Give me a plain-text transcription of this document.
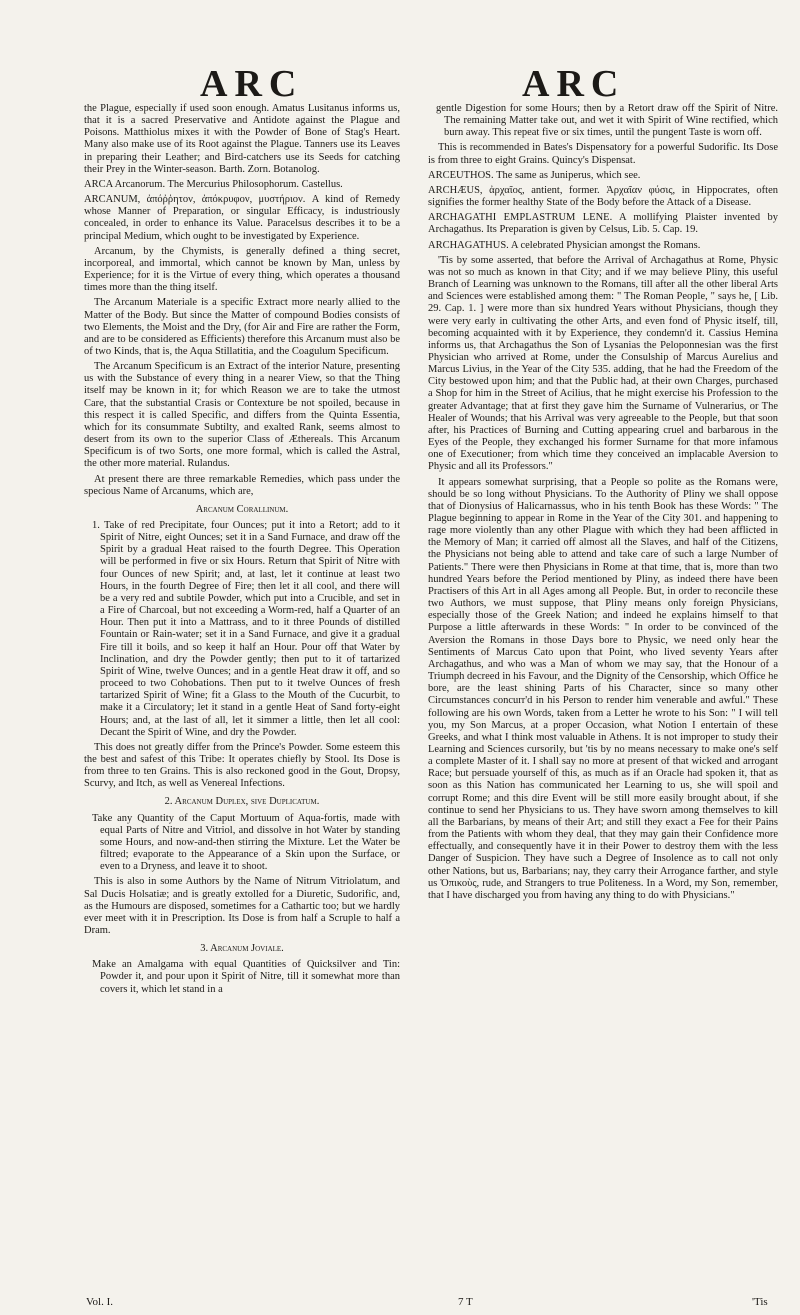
ARC	ARC

the Plague, especially if used soon enough. Amatus Lusitanus informs us, that it is a sacred Preservative and Antidote against the Plague and Poisons. Matthiolus mixes it with the Powder of Bone of Stag's Heart. Many also make use of its Root against the Plague. Tanners use its Leaves in preparing their Leather; and Bird-catchers use its Seeds for catching their Prey in the Winter-season. Barth. Zorn. Botanolog.

ARCA Arcanorum. The Mercurius Philosophorum. Castellus.

ARCANUM, ἀπόῤῥητον, ἀπόκρυφον, μυστήριον. A kind of Remedy whose Manner of Preparation, or singular Efficacy, is industriously concealed, in order to enhance its Value. Paracelsus describes it to be a principal Medium, which ought to be investigated by Experience.

Arcanum, by the Chymists, is generally defined a thing secret, incorporeal, and immortal, which cannot be known by Man, unless by Experience; for it is the Virtue of every thing, which operates a thousand times more than the thing itself.

The Arcanum Materiale is a specific Extract more nearly allied to the Matter of the Body. But since the Matter of compound Bodies consists of two Elements, the Moist and the Dry, (for Air and Fire are rather the Form, and are to be considered as Efficients) therefore this Arcanum must also be of two Kinds, that is, the Aqua Stillatitia, and the Coagulum Specificum.

The Arcanum Specificum is an Extract of the interior Nature, presenting us with the Substance of every thing in a nearer View, so that the Thing itself may be known in it; for which Reason we are to take the utmost Care, that the substantial Crasis or Contexture be not spoiled, because in this respect it is called Specific, and differs from the Quinta Essentia, which for its consummate Subtilty, and exalted Rank, seems almost to desert from its own to the superior Class of Æthereals. This Arcanum Specificum is of two Sorts, one more formal, which is called the Astral, the other more material. Rulandus.

At present there are three remarkable Remedies, which pass under the specious Name of Arcanums, which are,

Arcanum Corallinum.

1. Take of red Precipitate, four Ounces; put it into a Retort; add to it Spirit of Nitre, eight Ounces; set it in a Sand Furnace, and draw off the Spirit by a gradual Heat raised to the fourth Degree. This Operation will be performed in five or six Hours. Return that Spirit of Nitre with four Ounces of new Spirit; and, at last, let it continue at least two Hours, in the fourth Degree of Fire; then let it all cool, and there will be a very red and subtile Powder, which put into a Crucible, and set in a Fire of Charcoal, but not exceeding a Worm-red, half a Quarter of an Hour. Then put it into a Mattrass, and to it three Pounds of distilled Fountain or Rain-water; set it in a Sand Furnace, and give it a gradual Fire till it boils, and so keep it half an Hour. Pour off that Water by Inclination, and dry the Powder gently; then put to it of tartarized Spirit of Wine, twelve Ounces; and in a gentle Heat draw it off, and so proceed to two Cohobations. Then put to it twelve Ounces of fresh tartarized Spirit of Wine; fit a Glass to the Mouth of the Cucurbit, to make it a Circulatory; let it stand in a gentle Heat of Sand forty-eight Hours; and, at the last of all, let it simmer a little, then let all cool: Decant the Spirit of Wine, and dry the Powder.

This does not greatly differ from the Prince's Powder. Some esteem this the best and safest of this Tribe: It operates chiefly by Stool. Its Dose is from three to ten Grains. This is also reckoned good in the Gout, Dropsy, Scurvy, and Itch, as well as Venereal Infections.

2. Arcanum Duplex, sive Duplicatum.

Take any Quantity of the Caput Mortuum of Aqua-fortis, made with equal Parts of Nitre and Vitriol, and dissolve in hot Water by standing some Hours, and now-and-then stirring the Mixture. Let the Water be filtred; evaporate to the Appearance of a Skin upon the Surface, or even to a Dryness, and leave it to shoot.

This is also in some Authors by the Name of Nitrum Vitriolatum, and Sal Ducis Holsatiæ; and is greatly extolled for a Diuretic, Sudorific, and, as the Humours are disposed, sometimes for a Cathartic too; but we hardly ever meet with it in Prescription. Its Dose is from half a Scruple to half a Dram.

3. Arcanum Joviale.

Make an Amalgama with equal Quantities of Quicksilver and Tin: Powder it, and pour upon it Spirit of Nitre, till it somewhat more than covers it, which let stand in a

gentle Digestion for some Hours; then by a Retort draw off the Spirit of Nitre. The remaining Matter take out, and wet it with Spirit of Wine rectified, which burn away. This repeat five or six times, until the pungent Taste is worn off.

This is recommended in Bates's Dispensatory for a powerful Sudorific. Its Dose is from three to eight Grains. Quincy's Dispensat.

ARCEUTHOS. The same as Juniperus, which see.

ARCHÆUS, ἀρχαῖος, antient, former. Ἀρχαῖαν φύσις, in Hippocrates, often signifies the former healthy State of the Body before the Attack of a Disease.

ARCHAGATHI EMPLASTRUM LENE. A mollifying Plaister invented by Archagathus. Its Preparation is given by Celsus, Lib. 5. Cap. 19.

ARCHAGATHUS. A celebrated Physician amongst the Romans.

'Tis by some asserted, that before the Arrival of Archagathus at Rome, Physic was not so much as known in that City; and if we may believe Pliny, this useful Branch of Learning was unknown to the Romans, till after all the other liberal Arts and Sciences were established among them: " The Roman People, " says he, [ Lib. 29. Cap. 1. ] were more than six hundred Years without Physicians, though they were very early in cultivating the other Arts, and even fond of Physic itself, till, becoming acquainted with it by Experience, they condemn'd it. Cassius Hemina informs us, that Archagathus the Son of Lysanias the Peloponnesian was the first Physician who arrived at Rome, under the Consulship of Marcus Aurelius and Marcus Livius, in the Year of the City 535. adding, that he had the Freedom of the City bestowed upon him; and that the Public had, at their own Charges, purchased a Shop for him in the Street of Acilius, that he might exercise his Profession to the greater Advantage; that at first they gave him the Surname of Vulnerarius, or The Healer of Wounds; that his Arrival was very agreeable to the People, but that soon after, his Practices of Burning and Cutting appearing cruel and barbarous in the Eyes of the People, they exchanged his former Surname for that more infamous one of Executioner; from which time they conceived an implacable Aversion to Physic and all its Professors."

It appears somewhat surprising, that a People so polite as the Romans were, should be so long without Physicians. To the Authority of Pliny we shall oppose that of Dionysius of Halicarnassus, who in his tenth Book has these Words: " The Plague beginning to appear in Rome in the Year of the City 301. and happening to rage more violently than any other Plague with which they had been afflicted in the Memory of Man; it carried off almost all the Slaves, and half of the Citizens, the Physicians not being able to attend and take care of such a large Number of Patients." There were then Physicians in Rome at that time, that is, more than two hundred Years before the Period mentioned by Pliny, as indeed there have been Practisers of this Art in all Ages among all People. But, in order to reconcile these two Authors, we must suppose, that Pliny means only foreign Physicians, especially those of the Greek Nation; and indeed he explains himself to that Purpose a little afterwards in these Words: " In order to be convinced of the Aversion the Romans in those Days bore to Physic, we need only hear the Sentiments of Marcus Cato upon that Point, who lived seventy Years after Archagathus, and who was a Man of whom we may say, that the Honour of a Triumph decreed in his Favour, and the Dignity of the Censorship, which Office he bore, are the least shining Parts of his Character, since so many other Circumstances concurr'd in his Person to render him venerable and awful." These following are his own Words, taken from a Letter he wrote to his Son: " I will tell you, my Son Marcus, at a proper Occasion, what Notion I entertain of these Greeks, and what I think most valuable in Athens. It is not improper to study their Learning and Sciences cursorily, but 'tis by no means necessary to make one's self a complete Master of it. I shall say no more at present of that wicked and arrogant Race; but persuade yourself of this, as much as if an Oracle had spoken it, that as soon as this Nation has communicated her Learning to us, she will spoil and corrupt Rome; and this dire Event will be still more easily brought about, if she continue to send her Physicians to us. They have sworn among themselves to kill all the Barbarians, by means of their Art; and still they exact a Fee for their Pains from the Patients with whom they deal, that they may gain their Confidence more effectually, and consequently have it in their Power to destroy them with the less Danger of Suspicion. They have such a Degree of Insolence as to call not only other Nations, but us, Barbarians; nay, they carry their Arrogance farther, and style us Ὀπικοὺς, rude, and Strangers to true Politeness. In a Word, my Son, remember, that I have discharged you from having any thing to do with Physicians."

Vol. I.	7 T	'Tis
